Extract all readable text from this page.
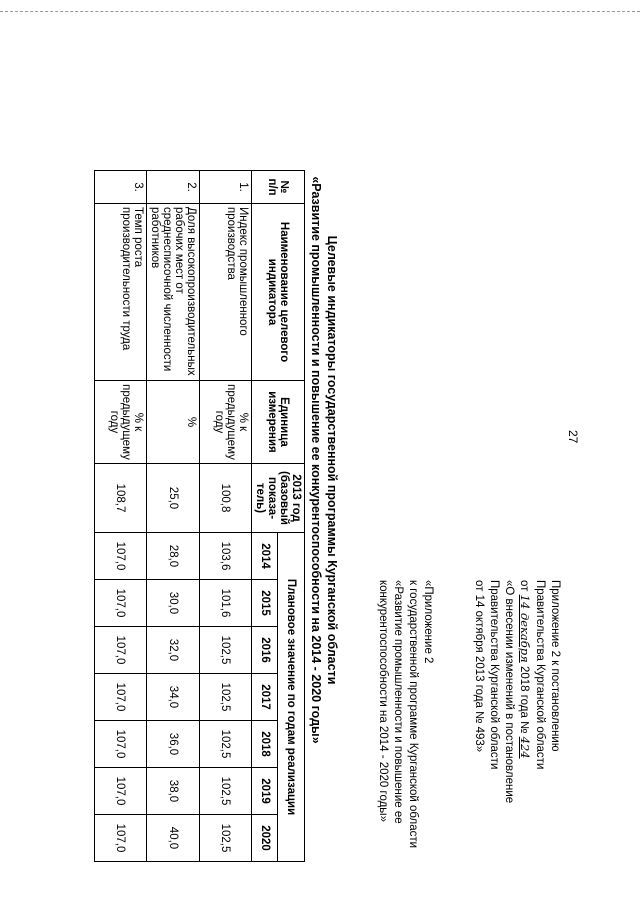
27
Приложение 2 к постановлению
Правительства Курганской области
от 14 декабря 2018 года № 424
«О внесении изменений в постановление
Правительства Курганской области
от 14 октября 2013 года № 493»
«Приложение 2
к государственной программе Курганской области
«Развитие промышленности и повышение ее
конкурентоспособности на 2014 - 2020 годы»
Целевые индикаторы государственной программы Курганской области
«Развитие промышленности и повышение ее конкурентоспособности на 2014 - 2020 годы»
№ п/п	Наименование целевого индикатора	Единица измерения	2013 год (базовый показа-тель)	Плановое значение по годам реализации						
				2014	2015	2016	2017	2018	2019	2020
1.	Индекс промышленного производства	% к предыдущему году	100,8	103,6	101,6	102,5	102,5	102,5	102,5	102,5
2.	Доля высокопроизводительных рабочих мест от среднесписочной численности работников	%	25,0	28,0	30,0	32,0	34,0	36,0	38,0	40,0
3.	Темп роста производительности труда	% к предыдущему году	108,7	107,0	107,0	107,0	107,0	107,0	107,0	107,0
